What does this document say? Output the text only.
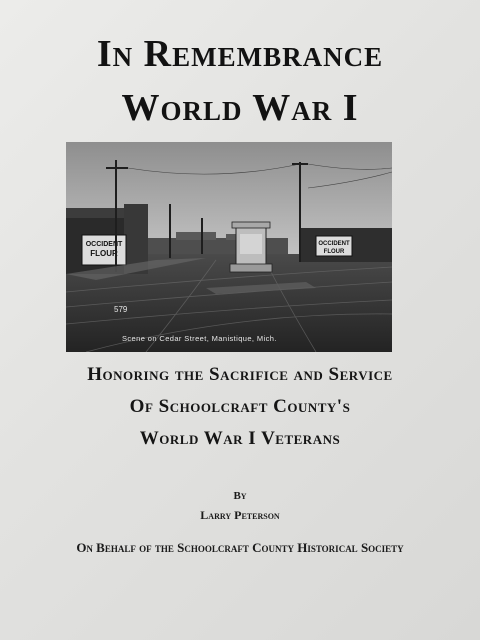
In Remembrance
World War I
OCCIDENT
FLOUR
OCCIDENT
FLOUR
579
Scene on Cedar Street, Manistique, Mich.
Honoring the Sacrifice and Service
Of Schoolcraft County's
World War I Veterans
By
Larry Peterson
On Behalf of the Schoolcraft County Historical Society
